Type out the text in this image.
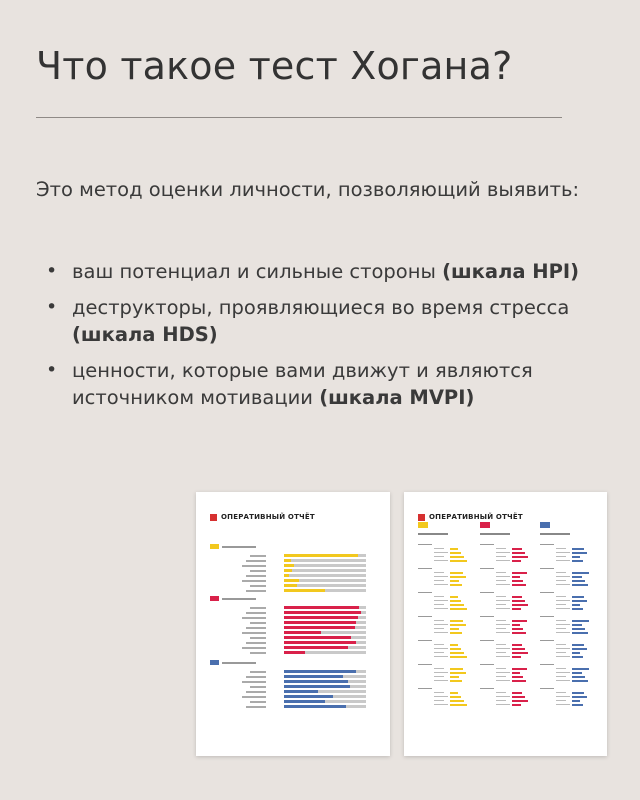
Что такое тест Хогана?

Это метод оценки личности, позволяющий выявить:

• ваш потенциал и сильные стороны (шкала HPI)
• деструкторы, проявляющиеся во время стресса (шкала HDS)
• ценности, которые вами движут и являются источником мотивации (шкала MVPI)
ОПЕРАТИВНЫЙ ОТЧЁТ	ОПЕРАТИВНЫЙ ОТЧЁТ
